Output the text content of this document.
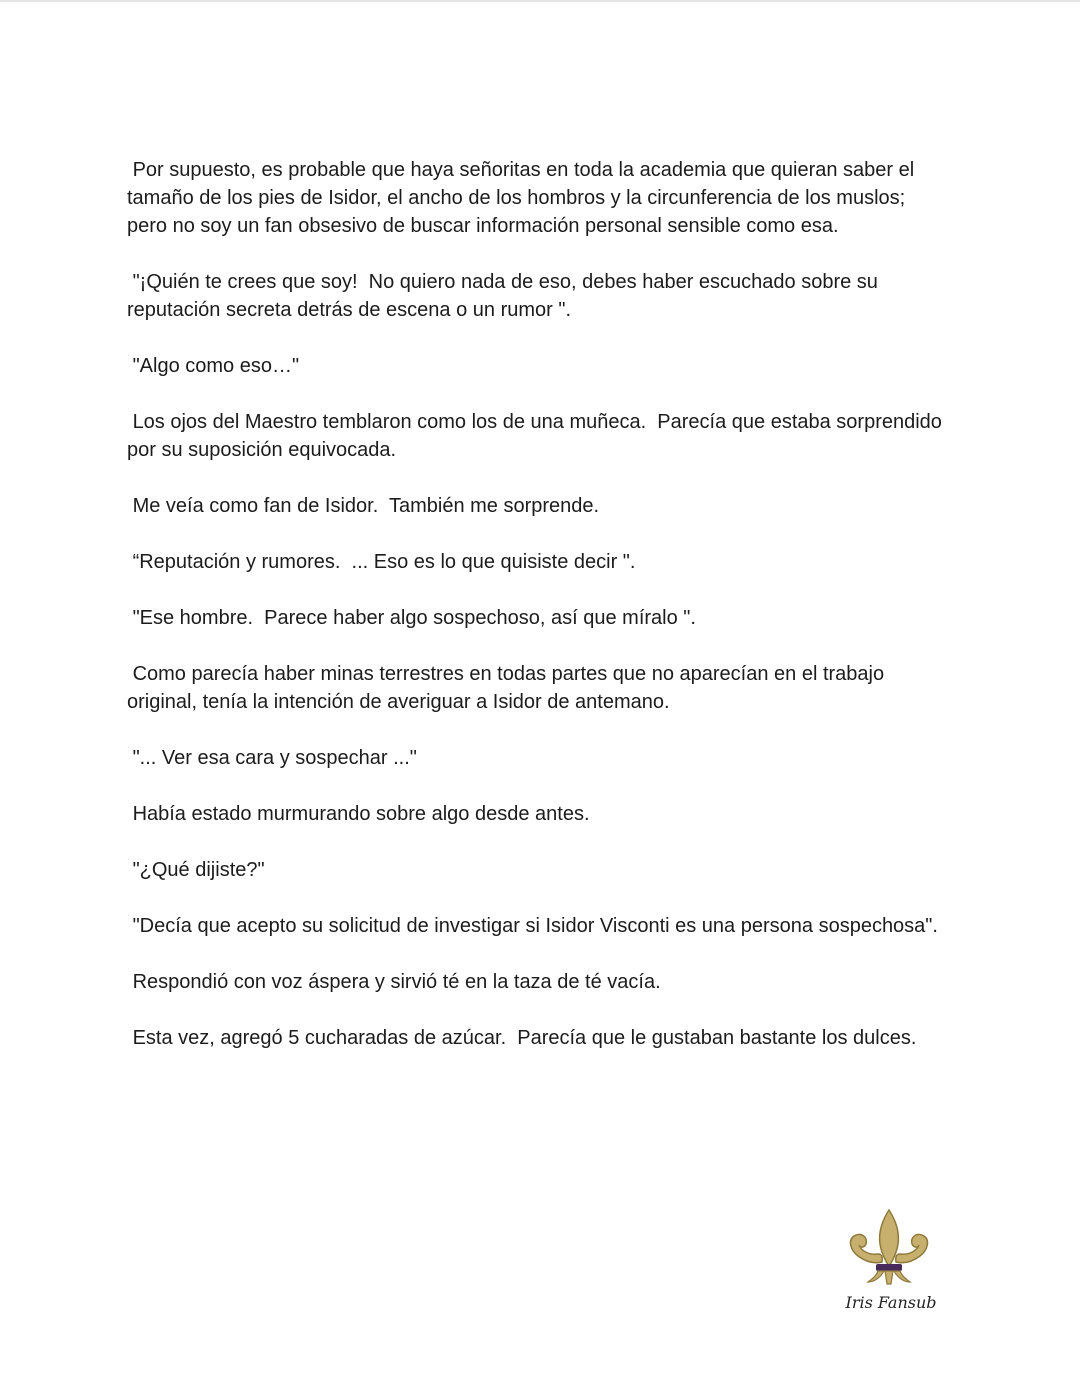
Por supuesto, es probable que haya señoritas en toda la academia que quieran saber el tamaño de los pies de Isidor, el ancho de los hombros y la circunferencia de los muslos;  pero no soy un fan obsesivo de buscar información personal sensible como esa.

"¡Quién te crees que soy!  No quiero nada de eso, debes haber escuchado sobre su reputación secreta detrás de escena o un rumor ".

"Algo como eso…"

Los ojos del Maestro temblaron como los de una muñeca.  Parecía que estaba sorprendido por su suposición equivocada.

Me veía como fan de Isidor.  También me sorprende.

“Reputación y rumores.  ... Eso es lo que quisiste decir ".

"Ese hombre.  Parece haber algo sospechoso, así que míralo ".

Como parecía haber minas terrestres en todas partes que no aparecían en el trabajo original, tenía la intención de averiguar a Isidor de antemano.

"... Ver esa cara y sospechar ..."

Había estado murmurando sobre algo desde antes.

"¿Qué dijiste?"

"Decía que acepto su solicitud de investigar si Isidor Visconti es una persona sospechosa".

Respondió con voz áspera y sirvió té en la taza de té vacía.

Esta vez, agregó 5 cucharadas de azúcar.  Parecía que le gustaban bastante los dulces.

Iris Fansub
